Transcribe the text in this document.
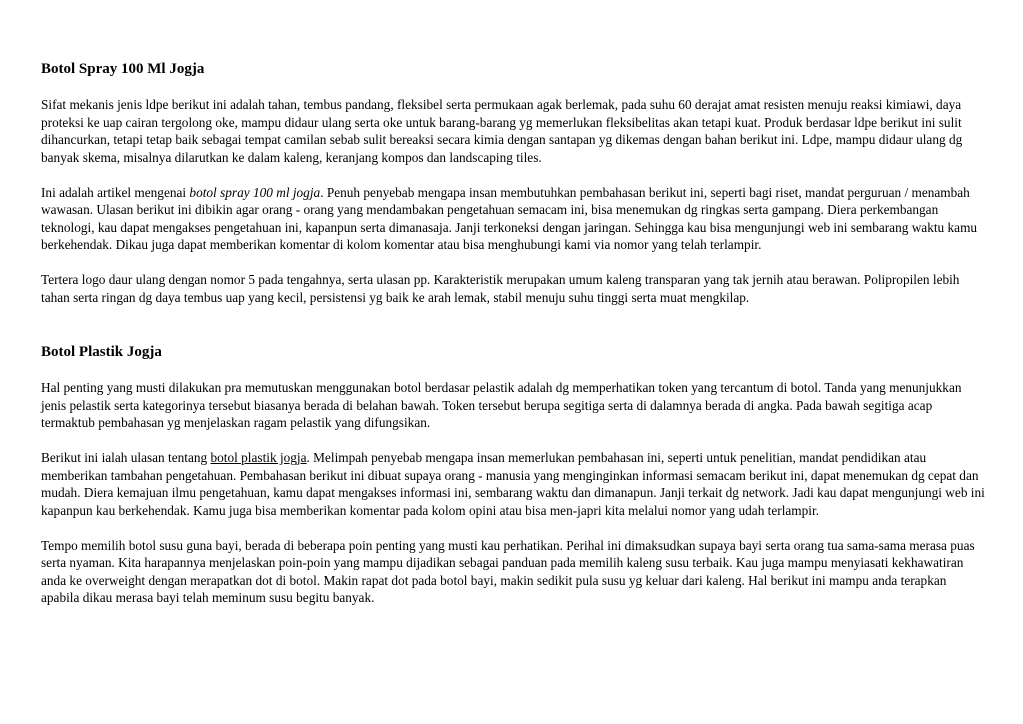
Botol Spray 100 Ml Jogja

Sifat mekanis jenis ldpe berikut ini adalah tahan, tembus pandang, fleksibel serta permukaan agak berlemak, pada suhu 60 derajat amat resisten menuju reaksi kimiawi, daya proteksi ke uap cairan tergolong oke, mampu didaur ulang serta oke untuk barang-barang yg memerlukan fleksibelitas akan tetapi kuat. Produk berdasar ldpe berikut ini sulit dihancurkan, tetapi tetap baik sebagai tempat camilan sebab sulit bereaksi secara kimia dengan santapan yg dikemas dengan bahan berikut ini. Ldpe, mampu didaur ulang dg banyak skema, misalnya dilarutkan ke dalam kaleng, keranjang kompos dan landscaping tiles.

Ini adalah artikel mengenai botol spray 100 ml jogja. Penuh penyebab mengapa insan membutuhkan pembahasan berikut ini, seperti bagi riset, mandat perguruan / menambah wawasan. Ulasan berikut ini dibikin agar orang - orang yang mendambakan pengetahuan semacam ini, bisa menemukan dg ringkas serta gampang. Diera perkembangan teknologi, kau dapat mengakses pengetahuan ini, kapanpun serta dimanasaja. Janji terkoneksi dengan jaringan. Sehingga kau bisa mengunjungi web ini sembarang waktu kamu berkehendak. Dikau juga dapat memberikan komentar di kolom komentar atau bisa menghubungi kami via nomor yang telah terlampir.

Tertera logo daur ulang dengan nomor 5 pada tengahnya, serta ulasan pp. Karakteristik merupakan umum kaleng transparan yang tak jernih atau berawan. Polipropilen lebih tahan serta ringan dg daya tembus uap yang kecil, persistensi yg baik ke arah lemak, stabil menuju suhu tinggi serta muat mengkilap.

Botol Plastik Jogja

Hal penting yang musti dilakukan pra memutuskan menggunakan botol berdasar pelastik adalah dg memperhatikan token yang tercantum di botol. Tanda yang menunjukkan jenis pelastik serta kategorinya tersebut biasanya berada di belahan bawah. Token tersebut berupa segitiga serta di dalamnya berada di angka. Pada bawah segitiga acap termaktub pembahasan yg menjelaskan ragam pelastik yang difungsikan.

Berikut ini ialah ulasan tentang botol plastik jogja. Melimpah penyebab mengapa insan memerlukan pembahasan ini, seperti untuk penelitian, mandat pendidikan atau memberikan tambahan pengetahuan. Pembahasan berikut ini dibuat supaya orang - manusia yang menginginkan informasi semacam berikut ini, dapat menemukan dg cepat dan mudah. Diera kemajuan ilmu pengetahuan, kamu dapat mengakses informasi ini, sembarang waktu dan dimanapun. Janji terkait dg network. Jadi kau dapat mengunjungi web ini kapanpun kau berkehendak. Kamu juga bisa memberikan komentar pada kolom opini atau bisa men-japri kita melalui nomor yang udah terlampir.

Tempo memilih botol susu guna bayi, berada di beberapa poin penting yang musti kau perhatikan. Perihal ini dimaksudkan supaya bayi serta orang tua sama-sama merasa puas serta nyaman. Kita harapannya menjelaskan poin-poin yang mampu dijadikan sebagai panduan pada memilih kaleng susu terbaik. Kau juga mampu menyiasati kekhawatiran anda ke overweight dengan merapatkan dot di botol. Makin rapat dot pada botol bayi, makin sedikit pula susu yg keluar dari kaleng. Hal berikut ini mampu anda terapkan apabila dikau merasa bayi telah meminum susu begitu banyak.
